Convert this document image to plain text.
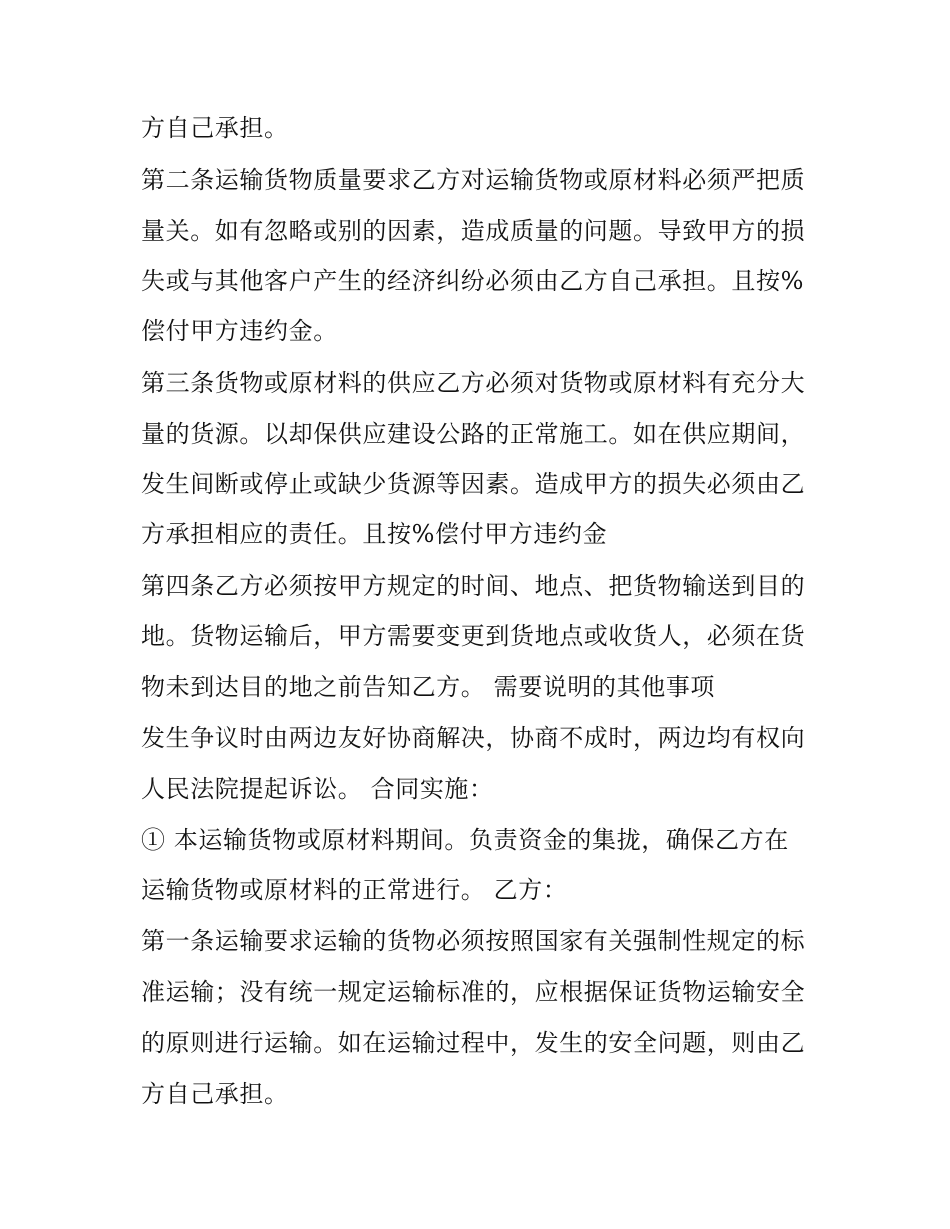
方自己承担。
第二条运输货物质量要求乙方对运输货物或原材料必须严把质
量关。如有忽略或别的因素，造成质量的问题。导致甲方的损
失或与其他客户产生的经济纠纷必须由乙方自己承担。且按%
偿付甲方违约金。
第三条货物或原材料的供应乙方必须对货物或原材料有充分大
量的货源。以却保供应建设公路的正常施工。如在供应期间，
发生间断或停止或缺少货源等因素。造成甲方的损失必须由乙
方承担相应的责任。且按%偿付甲方违约金
第四条乙方必须按甲方规定的时间、地点、把货物输送到目的
地。货物运输后，甲方需要变更到货地点或收货人，必须在货
物未到达目的地之前告知乙方。 需要说明的其他事项
发生争议时由两边友好协商解决，协商不成时，两边均有权向
人民法院提起诉讼。 合同实施：
① 本运输货物或原材料期间。负责资金的集拢，确保乙方在
运输货物或原材料的正常进行。 乙方：
第一条运输要求运输的货物必须按照国家有关强制性规定的标
准运输；没有统一规定运输标准的，应根据保证货物运输安全
的原则进行运输。如在运输过程中，发生的安全问题，则由乙
方自己承担。
